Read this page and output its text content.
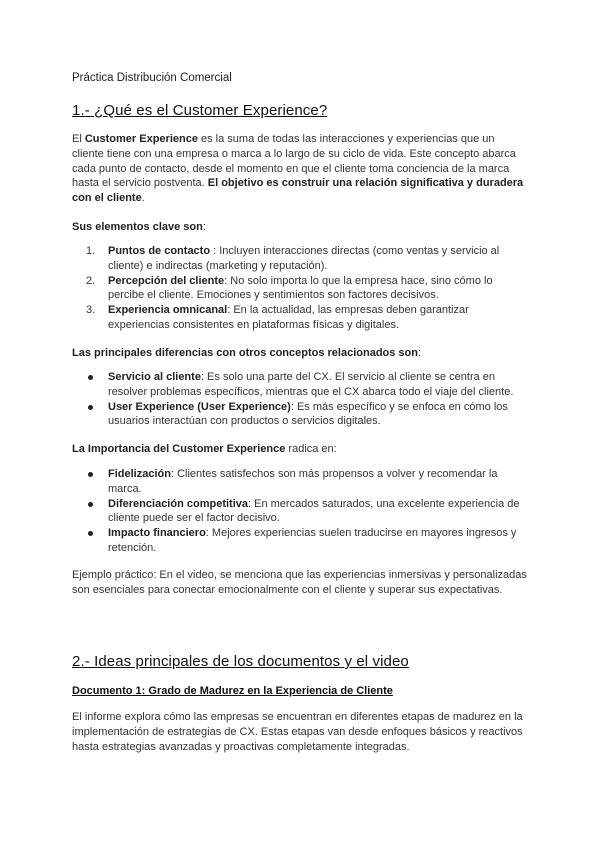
Práctica Distribución Comercial
1.- ¿Qué es el Customer Experience?
El Customer Experience es la suma de todas las interacciones y experiencias que un cliente tiene con una empresa o marca a lo largo de su ciclo de vida. Este concepto abarca cada punto de contacto, desde el momento en que el cliente toma conciencia de la marca hasta el servicio postventa. El objetivo es construir una relación significativa y duradera con el cliente.
Sus elementos clave son:
1.	Puntos de contacto : Incluyen interacciones directas (como ventas y servicio al cliente) e indirectas (marketing y reputación).
2.	Percepción del cliente: No solo importa lo que la empresa hace, sino cómo lo percibe el cliente. Emociones y sentimientos son factores decisivos.
3.	Experiencia omnicanal: En la actualidad, las empresas deben garantizar experiencias consistentes en plataformas físicas y digitales.
Las principales diferencias con otros conceptos relacionados son:
Servicio al cliente: Es solo una parte del CX. El servicio al cliente se centra en resolver problemas específicos, mientras que el CX abarca todo el viaje del cliente.
User Experience (User Experience): Es más específico y se enfoca en cómo los usuarios interactúan con productos o servicios digitales.
La Importancia del Customer Experience radica en:
Fidelización: Clientes satisfechos son más propensos a volver y recomendar la marca.
Diferenciación competitiva: En mercados saturados, una excelente experiencia de cliente puede ser el factor decisivo.
Impacto financiero: Mejores experiencias suelen traducirse en mayores ingresos y retención.
Ejemplo práctico: En el video, se menciona que las experiencias inmersivas y personalizadas son esenciales para conectar emocionalmente con el cliente y superar sus expectativas.
2.- Ideas principales de los documentos y el video
Documento 1: Grado de Madurez en la Experiencia de Cliente
El informe explora cómo las empresas se encuentran en diferentes etapas de madurez en la implementación de estrategias de CX. Estas etapas van desde enfoques básicos y reactivos hasta estrategias avanzadas y proactivas completamente integradas.
